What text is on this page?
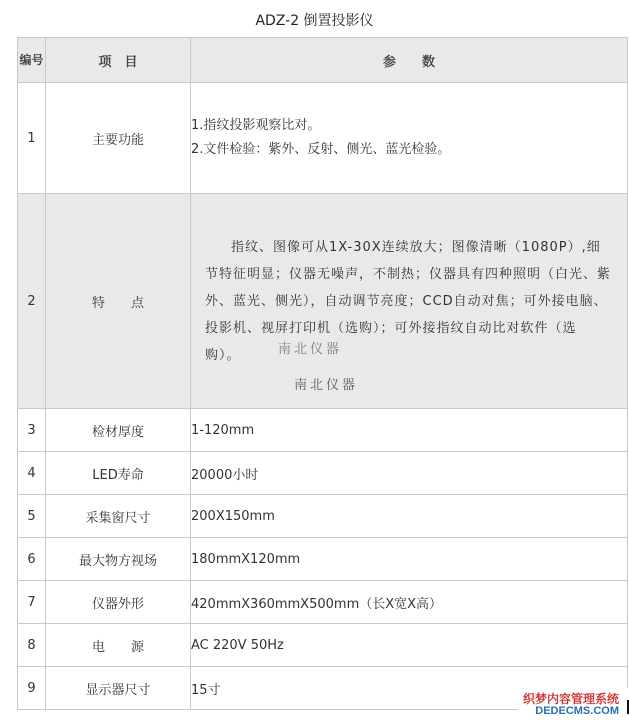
ADZ-2 倒置投影仪
编号	项　目	参　　数
1	主要功能	1.指纹投影观察比对。
2.文件检验：紫外、反射、侧光、蓝光检验。

2	特　　点	指纹、图像可从1X-30X连续放大；图像清晰（1080P）,细节特征明显；仪器无噪声，不制热；仪器具有四种照明（白光、紫外、蓝光、侧光），自动调节亮度；CCD自动对焦；可外接电脑、投影机、视屏打印机（选购）；可外接指纹自动比对软件（选购）。 南北仪器
南北仪器

3	检材厚度	1-120mm
4	LED寿命	20000小时
5	采集窗尺寸	200X150mm
6	最大物方视场	180mmX120mm
7	仪器外形	420mmX360mmX500mm（长X宽X高）
8	电　　源	AC 220V 50Hz
9	显示器尺寸	15寸
织梦内容管理系统
DEDECMS.COM
